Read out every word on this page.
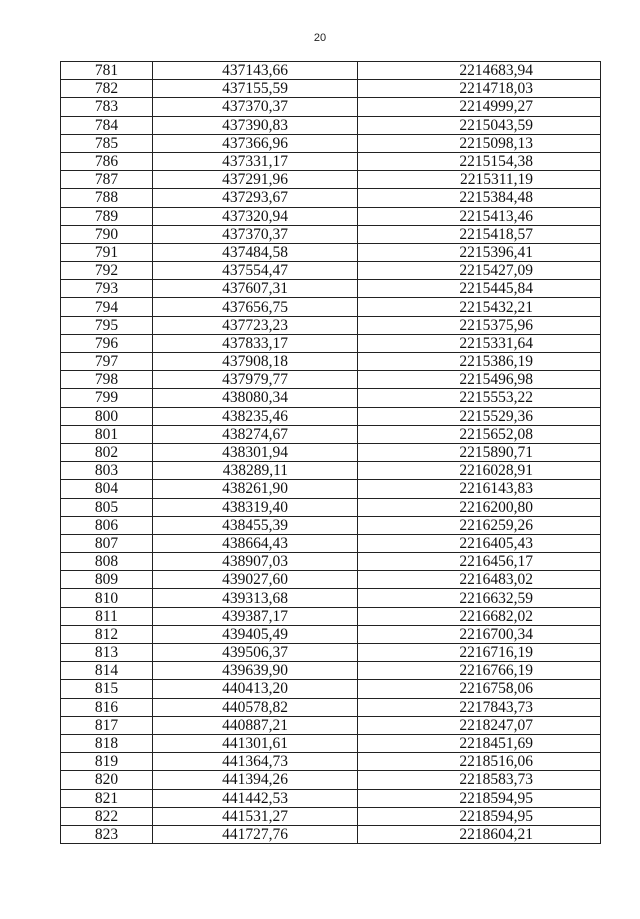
20
781	437143,66	2214683,94
782	437155,59	2214718,03
783	437370,37	2214999,27
784	437390,83	2215043,59
785	437366,96	2215098,13
786	437331,17	2215154,38
787	437291,96	2215311,19
788	437293,67	2215384,48
789	437320,94	2215413,46
790	437370,37	2215418,57
791	437484,58	2215396,41
792	437554,47	2215427,09
793	437607,31	2215445,84
794	437656,75	2215432,21
795	437723,23	2215375,96
796	437833,17	2215331,64
797	437908,18	2215386,19
798	437979,77	2215496,98
799	438080,34	2215553,22
800	438235,46	2215529,36
801	438274,67	2215652,08
802	438301,94	2215890,71
803	438289,11	2216028,91
804	438261,90	2216143,83
805	438319,40	2216200,80
806	438455,39	2216259,26
807	438664,43	2216405,43
808	438907,03	2216456,17
809	439027,60	2216483,02
810	439313,68	2216632,59
811	439387,17	2216682,02
812	439405,49	2216700,34
813	439506,37	2216716,19
814	439639,90	2216766,19
815	440413,20	2216758,06
816	440578,82	2217843,73
817	440887,21	2218247,07
818	441301,61	2218451,69
819	441364,73	2218516,06
820	441394,26	2218583,73
821	441442,53	2218594,95
822	441531,27	2218594,95
823	441727,76	2218604,21
